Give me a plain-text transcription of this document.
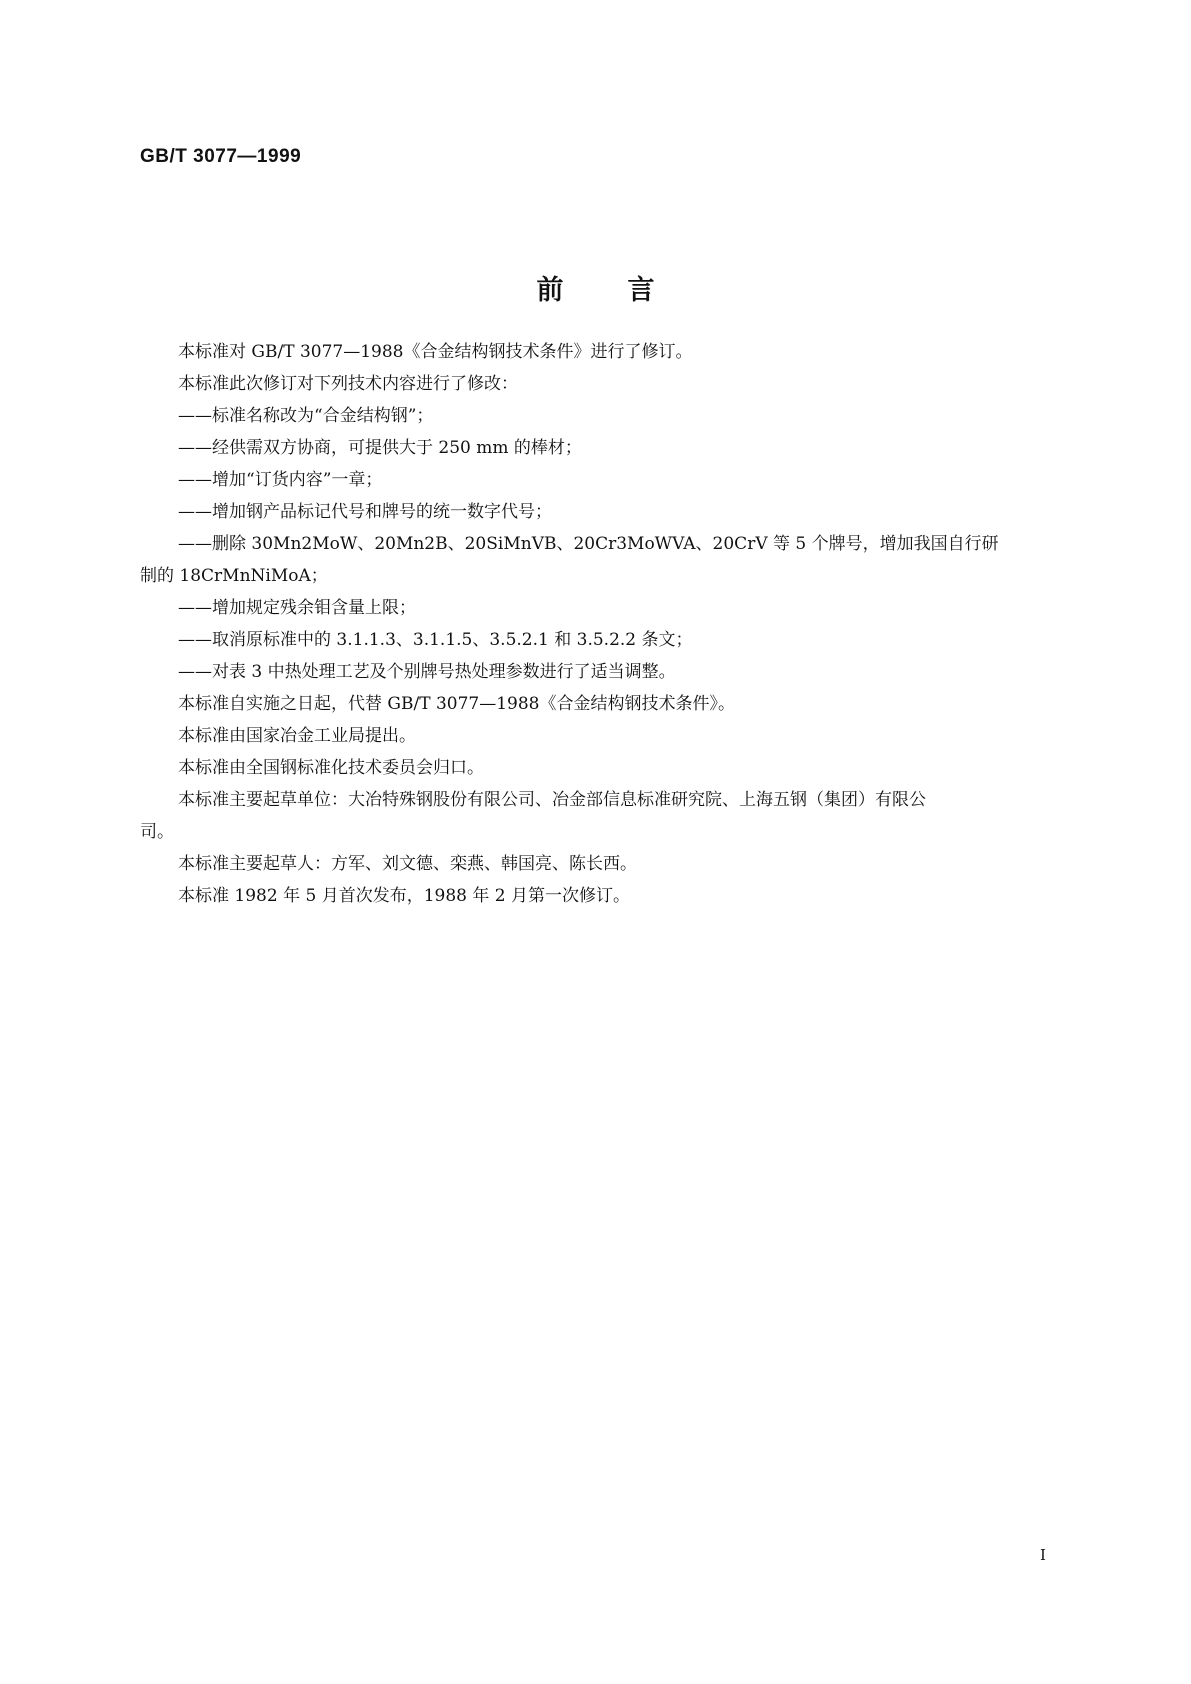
GB/T 3077—1999
前言

本标准对 GB/T 3077—1988《合金结构钢技术条件》进行了修订。

本标准此次修订对下列技术内容进行了修改：

——标准名称改为“合金结构钢”；

——经供需双方协商，可提供大于 250 mm 的棒材；

——增加“订货内容”一章；

——增加钢产品标记代号和牌号的统一数字代号；

——删除 30Mn2MoW、20Mn2B、20SiMnVB、20Cr3MoWVA、20CrV 等 5 个牌号，增加我国自行研

制的 18CrMnNiMoA；

——增加规定残余钼含量上限；

——取消原标准中的 3.1.1.3、3.1.1.5、3.5.2.1 和 3.5.2.2 条文；

——对表 3 中热处理工艺及个别牌号热处理参数进行了适当调整。

本标准自实施之日起，代替 GB/T 3077—1988《合金结构钢技术条件》。

本标准由国家冶金工业局提出。

本标准由全国钢标准化技术委员会归口。

本标准主要起草单位：大冶特殊钢股份有限公司、冶金部信息标准研究院、上海五钢（集团）有限公

司。

本标准主要起草人：方军、刘文德、栾燕、韩国亮、陈长西。

本标准 1982 年 5 月首次发布，1988 年 2 月第一次修订。

I
